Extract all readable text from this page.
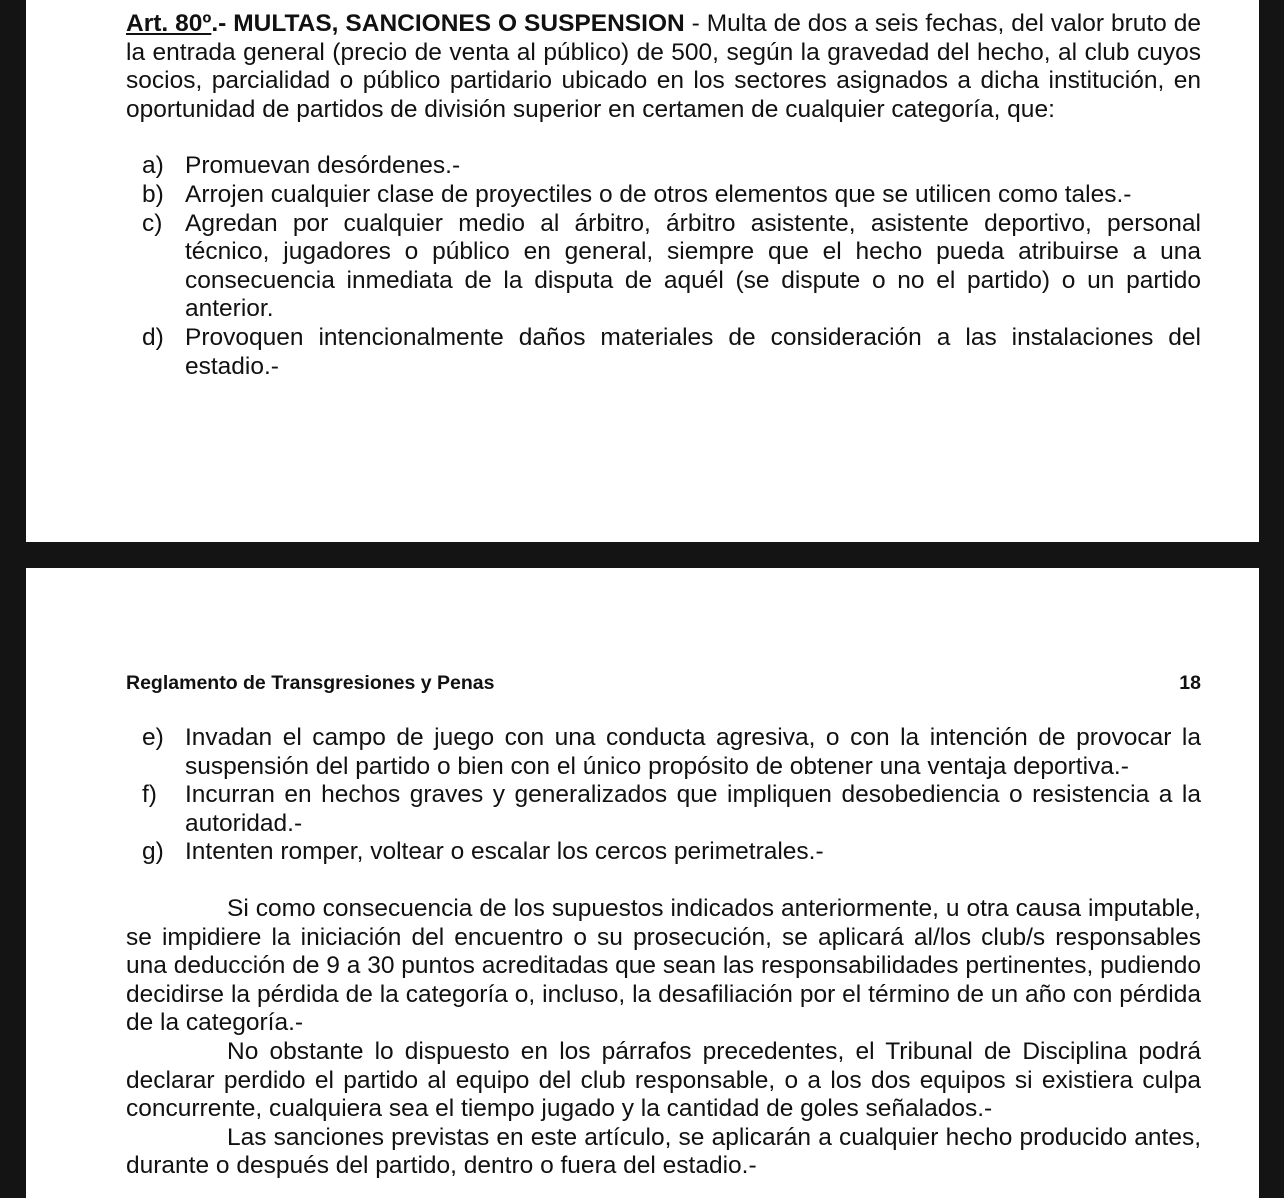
Art. 80º.- MULTAS, SANCIONES O SUSPENSION - Multa de dos a seis fechas, del valor bruto de la entrada general (precio de venta al público) de 500, según la gravedad del hecho, al club cuyos socios, parcialidad o público partidario ubicado en los sectores asignados a dicha institución, en oportunidad de partidos de división superior en certamen de cualquier categoría, que:

a) Promuevan desórdenes.-
b) Arrojen cualquier clase de proyectiles o de otros elementos que se utilicen como tales.-
c) Agredan por cualquier medio al árbitro, árbitro asistente, asistente deportivo, personal técnico, jugadores o público en general, siempre que el hecho pueda atribuirse a una consecuencia inmediata de la disputa de aquél (se dispute o no el partido) o un partido anterior.
d) Provoquen intencionalmente daños materiales de consideración a las instalaciones del estadio.-
Reglamento de Transgresiones y Penas	18
e) Invadan el campo de juego con una conducta agresiva, o con la intención de provocar la suspensión del partido o bien con el único propósito de obtener una ventaja deportiva.-
f) Incurran en hechos graves y generalizados que impliquen desobediencia o resistencia a la autoridad.-
g) Intenten romper, voltear o escalar los cercos perimetrales.-

Si como consecuencia de los supuestos indicados anteriormente, u otra causa imputable, se impidiere la iniciación del encuentro o su prosecución, se aplicará al/los club/s responsables una deducción de 9 a 30 puntos acreditadas que sean las responsabilidades pertinentes, pudiendo decidirse la pérdida de la categoría o, incluso, la desafiliación por el término de un año con pérdida de la categoría.-

No obstante lo dispuesto en los párrafos precedentes, el Tribunal de Disciplina podrá declarar perdido el partido al equipo del club responsable, o a los dos equipos si existiera culpa concurrente, cualquiera sea el tiempo jugado y la cantidad de goles señalados.-

Las sanciones previstas en este artículo, se aplicarán a cualquier hecho producido antes, durante o después del partido, dentro o fuera del estadio.-
